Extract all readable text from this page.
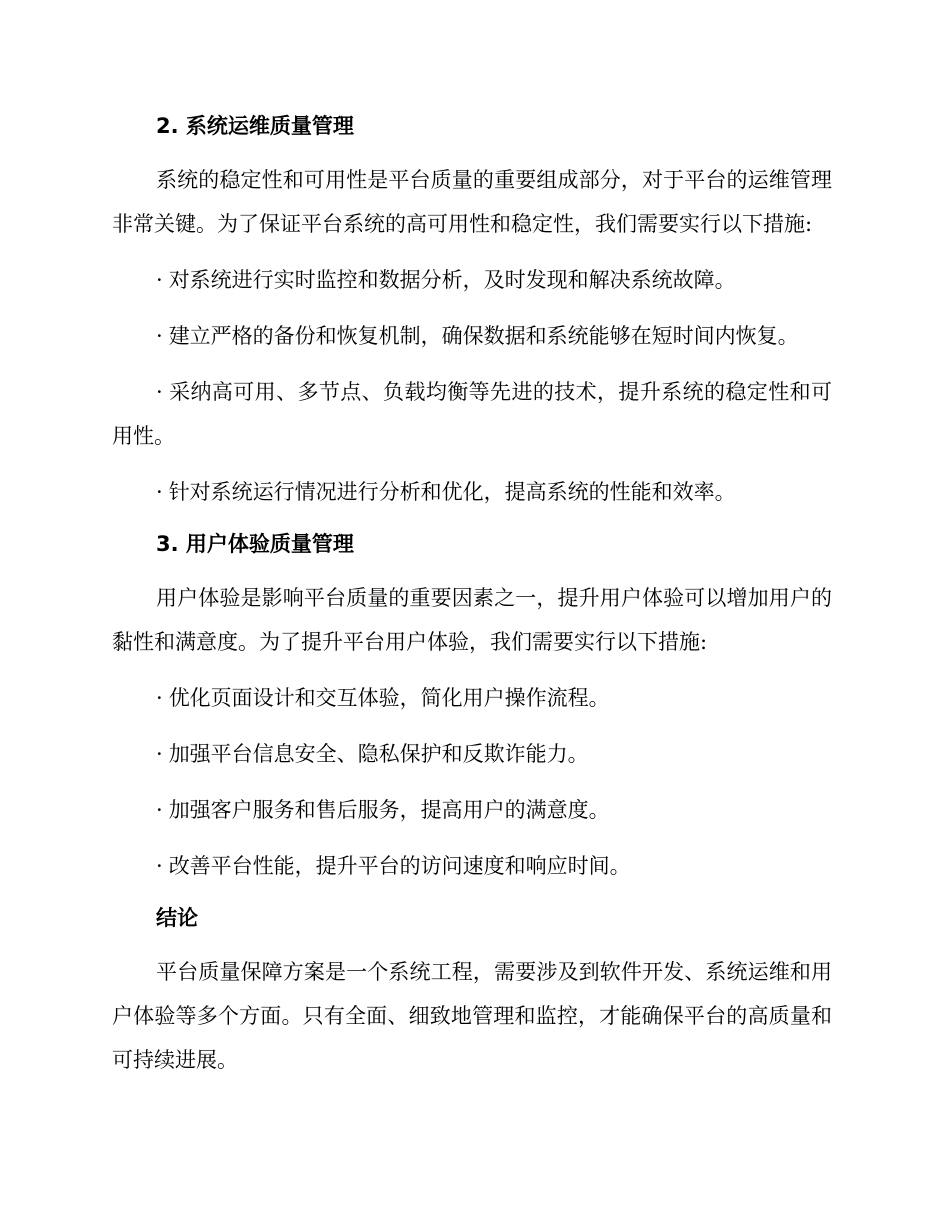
2. 系统运维质量管理

系统的稳定性和可用性是平台质量的重要组成部分，对于平台的运维管理非常关键。为了保证平台系统的高可用性和稳定性，我们需要实行以下措施:

· 对系统进行实时监控和数据分析，及时发现和解决系统故障。

· 建立严格的备份和恢复机制，确保数据和系统能够在短时间内恢复。

· 采纳高可用、多节点、负载均衡等先进的技术，提升系统的稳定性和可用性。

· 针对系统运行情况进行分析和优化，提高系统的性能和效率。

3. 用户体验质量管理

用户体验是影响平台质量的重要因素之一，提升用户体验可以增加用户的黏性和满意度。为了提升平台用户体验，我们需要实行以下措施:

· 优化页面设计和交互体验，简化用户操作流程。

· 加强平台信息安全、隐私保护和反欺诈能力。

· 加强客户服务和售后服务，提高用户的满意度。

· 改善平台性能，提升平台的访问速度和响应时间。

结论

平台质量保障方案是一个系统工程，需要涉及到软件开发、系统运维和用户体验等多个方面。只有全面、细致地管理和监控，才能确保平台的高质量和可持续进展。
